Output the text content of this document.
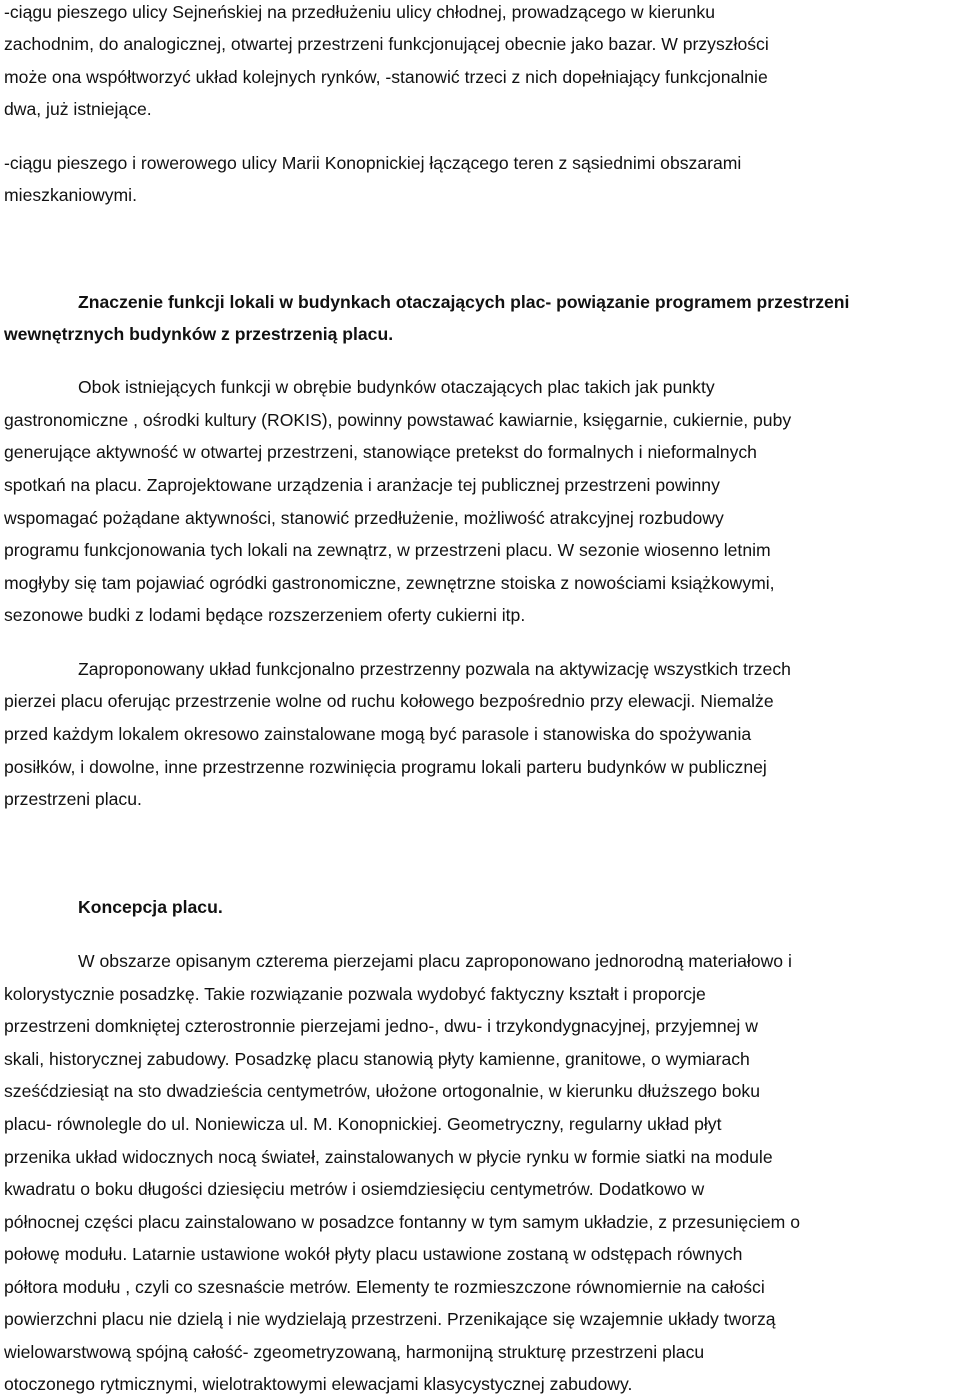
-ciągu pieszego ulicy Sejneńskiej na przedłużeniu ulicy chłodnej, prowadzącego w kierunku
zachodnim, do analogicznej, otwartej przestrzeni funkcjonującej obecnie jako bazar. W przyszłości
może ona współtworzyć układ kolejnych rynków, -stanowić trzeci z nich dopełniający funkcjonalnie
dwa, już istniejące.
-ciągu pieszego i rowerowego ulicy Marii Konopnickiej łączącego teren z sąsiednimi obszarami
mieszkaniowymi.
Znaczenie funkcji lokali w budynkach otaczających plac- powiązanie programem przestrzeni
wewnętrznych budynków z przestrzenią placu.
Obok istniejących funkcji w obrębie budynków otaczających plac takich jak punkty
gastronomiczne , ośrodki kultury (ROKIS), powinny powstawać kawiarnie, księgarnie, cukiernie, puby
generujące aktywność w otwartej przestrzeni, stanowiące pretekst do formalnych i nieformalnych
spotkań na placu. Zaprojektowane urządzenia i aranżacje tej publicznej przestrzeni powinny
wspomagać pożądane aktywności, stanowić przedłużenie, możliwość atrakcyjnej rozbudowy
programu funkcjonowania tych lokali na zewnątrz, w przestrzeni placu. W sezonie wiosenno letnim
mogłyby się tam pojawiać ogródki gastronomiczne, zewnętrzne stoiska z nowościami książkowymi,
sezonowe budki z lodami będące rozszerzeniem oferty cukierni itp.
Zaproponowany układ funkcjonalno przestrzenny pozwala na aktywizację wszystkich trzech
pierzei placu oferując przestrzenie wolne od ruchu kołowego bezpośrednio przy elewacji. Niemalże
przed każdym lokalem okresowo zainstalowane mogą być parasole i stanowiska do spożywania
posiłków, i dowolne, inne przestrzenne rozwinięcia programu lokali parteru budynków w publicznej
przestrzeni placu.
Koncepcja placu.
W obszarze opisanym czterema pierzejami placu zaproponowano jednorodną materiałowo i
kolorystycznie posadzkę. Takie rozwiązanie pozwala wydobyć faktyczny kształt i proporcje
przestrzeni domkniętej czterostronnie pierzejami jedno-, dwu- i trzykondygnacyjnej, przyjemnej w
skali, historycznej zabudowy. Posadzkę placu stanowią płyty kamienne, granitowe, o wymiarach
sześćdziesiąt na sto dwadzieścia centymetrów, ułożone ortogonalnie, w kierunku dłuższego boku
placu- równolegle do ul. Noniewicza ul. M. Konopnickiej. Geometryczny, regularny układ płyt
przenika układ widocznych nocą świateł, zainstalowanych w płycie rynku w formie siatki na module
kwadratu o boku długości dziesięciu metrów i osiemdziesięciu centymetrów. Dodatkowo w
północnej części placu zainstalowano w posadzce fontanny w tym samym układzie, z przesunięciem o
połowę modułu. Latarnie ustawione wokół płyty placu ustawione zostaną w odstępach równych
półtora modułu , czyli co szesnaście metrów. Elementy te rozmieszczone równomiernie na całości
powierzchni placu nie dzielą i nie wydzielają przestrzeni. Przenikające się wzajemnie układy tworzą
wielowarstwową spójną całość- zgeometryzowaną, harmonijną strukturę przestrzeni placu
otoczonego rytmicznymi, wielotraktowymi elewacjami klasycystycznej zabudowy.
